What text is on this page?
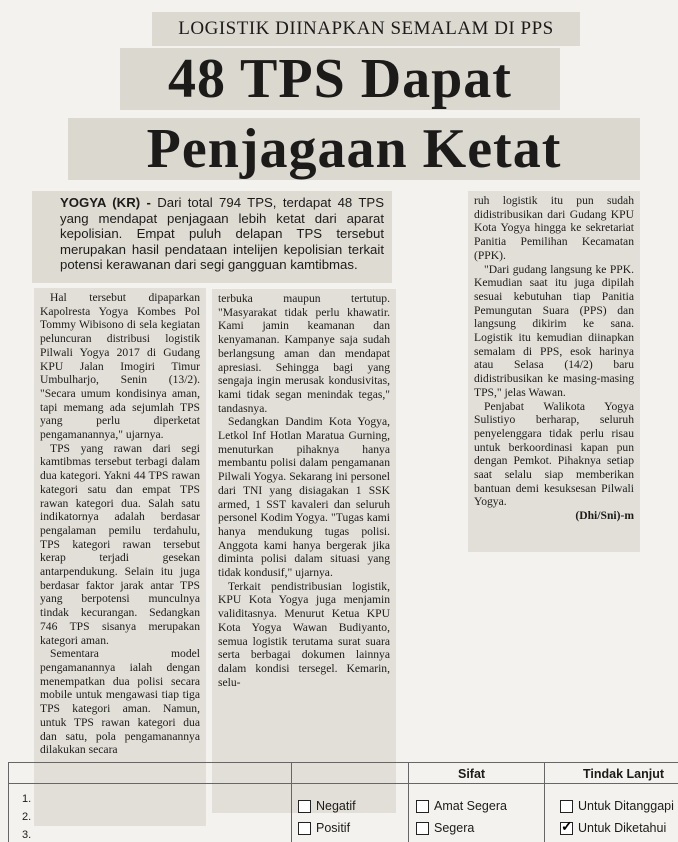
LOGISTIK DIINAPKAN SEMALAM DI PPS
48 TPS Dapat
Penjagaan Ketat
YOGYA (KR) - Dari total 794 TPS, terdapat 48 TPS yang mendapat penjagaan lebih ketat dari aparat kepolisian. Empat puluh delapan TPS tersebut merupakan hasil pendataan intelijen kepolisian terkait potensi kerawanan dari segi gangguan kamtibmas.

Hal tersebut dipaparkan Kapolresta Yogya Kombes Pol Tommy Wibisono di sela kegiatan peluncuran distribusi logistik Pilwali Yogya 2017 di Gudang KPU Jalan Imogiri Timur Umbulharjo, Senin (13/2). "Secara umum kondisinya aman, tapi memang ada sejumlah TPS yang perlu diperketat pengamanannya," ujarnya.

TPS yang rawan dari segi kamtibmas tersebut terbagi dalam dua kategori. Yakni 44 TPS rawan kategori satu dan empat TPS rawan kategori dua. Salah satu indikatornya adalah berdasar pengalaman pemilu terdahulu, TPS kategori rawan tersebut kerap terjadi gesekan antarpendukung. Selain itu juga berdasar faktor jarak antar TPS yang berpotensi munculnya tindak kecurangan. Sedangkan 746 TPS sisanya merupakan kategori aman.

Sementara model pengamanannya ialah dengan menempatkan dua polisi secara mobile untuk mengawasi tiap tiga TPS kategori aman. Namun, untuk TPS rawan kategori dua dan satu, pola pengamanannya dilakukan secara

terbuka maupun tertutup. "Masyarakat tidak perlu khawatir. Kami jamin keamanan dan kenyamanan. Kampanye saja sudah berlangsung aman dan mendapat apresiasi. Sehingga bagi yang sengaja ingin merusak kondusivitas, kami tidak segan menindak tegas," tandasnya.

Sedangkan Dandim Kota Yogya, Letkol Inf Hotlan Maratua Gurning, menuturkan pihaknya hanya membantu polisi dalam pengamanan Pilwali Yogya. Sekarang ini personel dari TNI yang disiagakan 1 SSK armed, 1 SST kavaleri dan seluruh personel Kodim Yogya. "Tugas kami hanya mendukung tugas polisi. Anggota kami hanya bergerak jika diminta polisi dalam situasi yang tidak kondusif," ujarnya.

Terkait pendistribusian logistik, KPU Kota Yogya juga menjamin validitasnya. Menurut Ketua KPU Kota Yogya Wawan Budiyanto, semua logistik terutama surat suara serta berbagai dokumen lainnya dalam kondisi tersegel. Kemarin, selu-

ruh logistik itu pun sudah didistribusikan dari Gudang KPU Kota Yogya hingga ke sekretariat Panitia Pemilihan Kecamatan (PPK).

"Dari gudang langsung ke PPK. Kemudian saat itu juga dipilah sesuai kebutuhan tiap Panitia Pemungutan Suara (PPS) dan langsung dikirim ke sana. Logistik itu kemudian diinapkan semalam di PPS, esok harinya atau Selasa (14/2) baru didistribusikan ke masing-masing TPS," jelas Wawan.

Penjabat Walikota Yogya Sulistiyo berharap, seluruh penyelenggara tidak perlu risau untuk berkoordinasi kapan pun dengan Pemkot. Pihaknya setiap saat selalu siap memberikan bantuan demi kesuksesan Pilwali Yogya.

(Dhi/Sni)-m
Sifat	Tindak Lanjut
1.
2.
3.
Negatif
Positif
Amat Segera
Segera
Untuk Ditanggapi
✓
Untuk Diketahui
